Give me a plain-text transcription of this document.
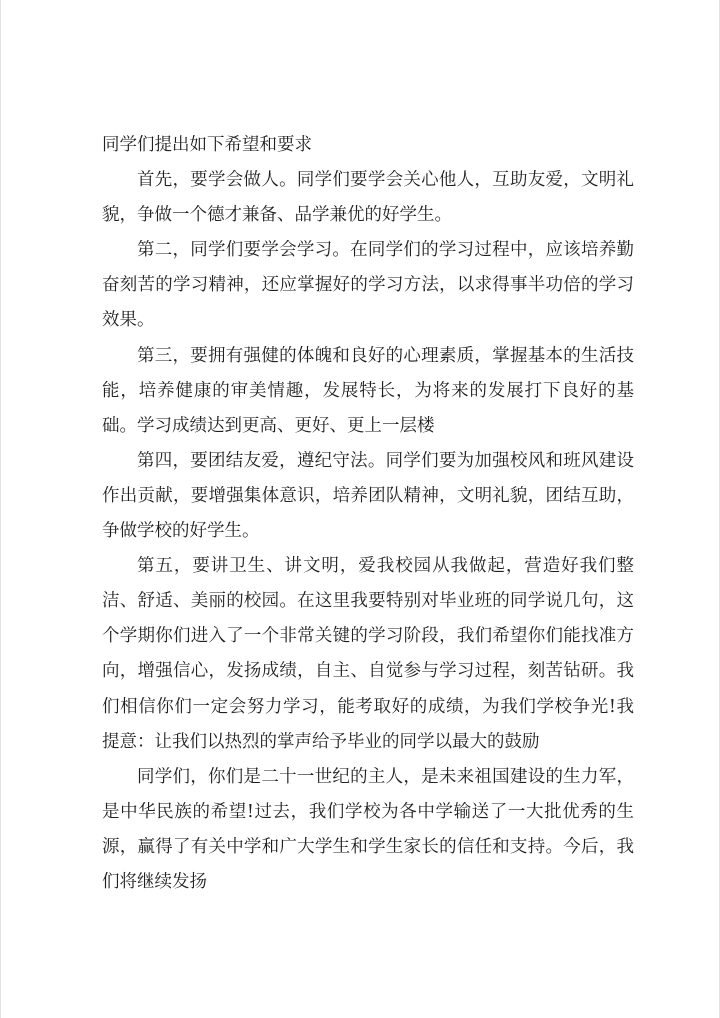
同学们提出如下希望和要求

首先，要学会做人。同学们要学会关心他人，互助友爱，文明礼貌，争做一个德才兼备、品学兼优的好学生。

第二，同学们要学会学习。在同学们的学习过程中，应该培养勤奋刻苦的学习精神，还应掌握好的学习方法，以求得事半功倍的学习效果。

第三，要拥有强健的体魄和良好的心理素质，掌握基本的生活技能，培养健康的审美情趣，发展特长，为将来的发展打下良好的基础。学习成绩达到更高、更好、更上一层楼

第四，要团结友爱，遵纪守法。同学们要为加强校风和班风建设作出贡献，要增强集体意识，培养团队精神，文明礼貌，团结互助，争做学校的好学生。

第五，要讲卫生、讲文明，爱我校园从我做起，营造好我们整洁、舒适、美丽的校园。在这里我要特别对毕业班的同学说几句，这个学期你们进入了一个非常关键的学习阶段，我们希望你们能找准方向，增强信心，发扬成绩，自主、自觉参与学习过程，刻苦钻研。我们相信你们一定会努力学习，能考取好的成绩，为我们学校争光!我提意：让我们以热烈的掌声给予毕业的同学以最大的鼓励

同学们，你们是二十一世纪的主人，是未来祖国建设的生力军，是中华民族的希望!过去，我们学校为各中学输送了一大批优秀的生源，赢得了有关中学和广大学生和学生家长的信任和支持。今后，我们将继续发扬
